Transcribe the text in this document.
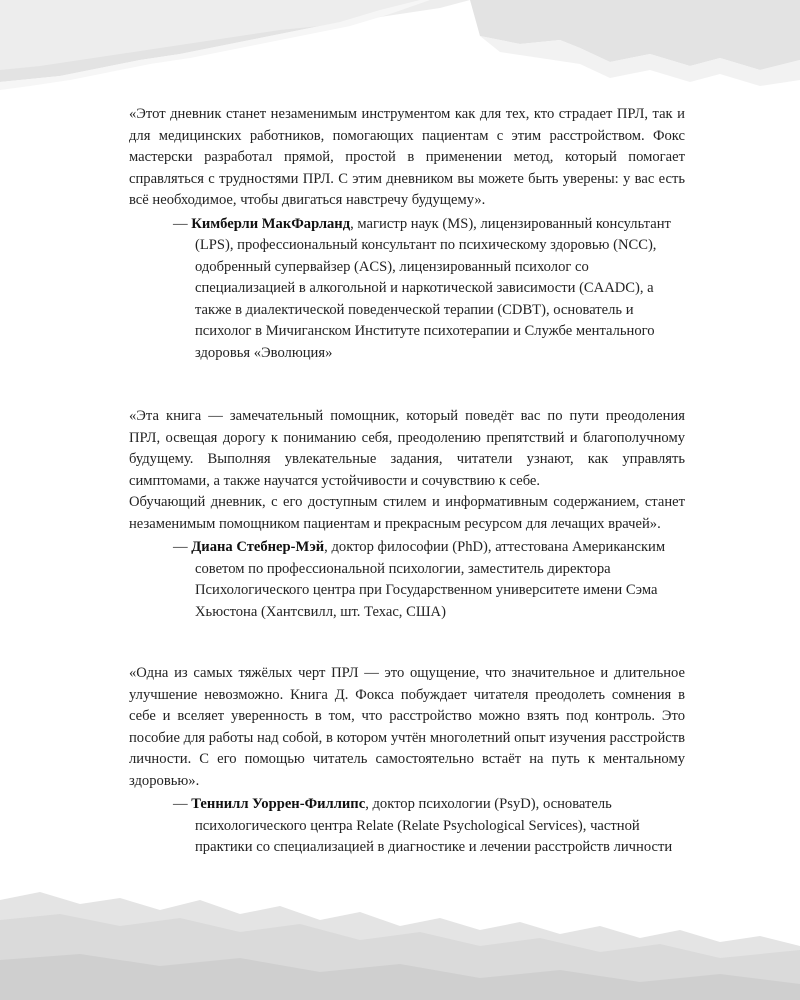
«Этот дневник станет незаменимым инструментом как для тех, кто страдает ПРЛ, так и для медицинских работников, помогающих пациентам с этим расстройством. Фокс мастерски разработал прямой, простой в применении метод, который помогает справляться с трудностями ПРЛ. С этим дневником вы можете быть уверены: у вас есть всё необходимое, чтобы двигаться навстречу будущему».

— Кимберли МакФарланд, магистр наук (MS), лицензированный консультант (LPS), профессиональный консультант по психическому здоровью (NCC), одобренный супервайзер (ACS), лицензированный психолог со специализацией в алкогольной и наркотической зависимости (CAADC), а также в диалектической поведенческой терапии (CDBT), основатель и психолог в Мичиганском Институте психотерапии и Службе ментального здоровья «Эволюция»

«Эта книга — замечательный помощник, который поведёт вас по пути преодоления ПРЛ, освещая дорогу к пониманию себя, преодолению препятствий и благополучному будущему. Выполняя увлекательные задания, читатели узнают, как управлять симптомами, а также научатся устойчивости и сочувствию к себе.

Обучающий дневник, с его доступным стилем и информативным содержанием, станет незаменимым помощником пациентам и прекрасным ресурсом для лечащих врачей».

— Диана Стебнер-Мэй, доктор философии (PhD), аттестована Американским советом по профессиональной психологии, заместитель директора Психологического центра при Государственном университете имени Сэма Хьюстона (Хантсвилл, шт. Техас, США)

«Одна из самых тяжёлых черт ПРЛ — это ощущение, что значительное и длительное улучшение невозможно. Книга Д. Фокса побуждает читателя преодолеть сомнения в себе и вселяет уверенность в том, что расстройство можно взять под контроль. Это пособие для работы над собой, в котором учтён многолетний опыт изучения расстройств личности. С его помощью читатель самостоятельно встаёт на путь к ментальному здоровью».

— Теннилл Уоррен-Филлипс, доктор психологии (PsyD), основатель психологического центра Relate (Relate Psychological Services), частной практики со специализацией в диагностике и лечении расстройств личности
